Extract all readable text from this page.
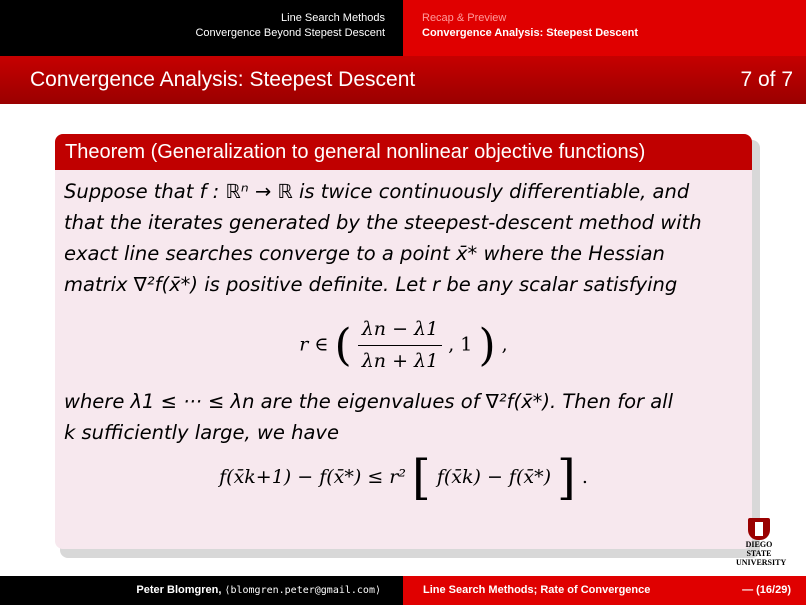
Line Search Methods
Convergence Beyond Stepest Descent
Recap & Preview
Convergence Analysis: Steepest Descent
Convergence Analysis: Steepest Descent	7 of 7
Theorem (Generalization to general nonlinear objective functions)
Suppose that f : ℝⁿ → ℝ is twice continuously differentiable, and
that the iterates generated by the steepest-descent method with
exact line searches converge to a point x̄* where the Hessian
matrix ∇²f(x̄*) is positive definite. Let r be any scalar satisfying
r ∈ ( $\frac{\lambda n - \lambda 1}{\lambda n + \lambda 1}$ , 1 ) ,
where λ1 ≤ ··· ≤ λn are the eigenvalues of ∇²f(x̄*). Then for all
k sufficiently large, we have
f(x̄k+1) − f(x̄*) ≤ r² [ f(x̄k) − f(x̄*) ] .
DIEGO STATE
UNIVERSITY
Peter Blomgren, ⟨blomgren.peter@gmail.com⟩	Line Search Methods; Rate of Convergence	— (16/29)
